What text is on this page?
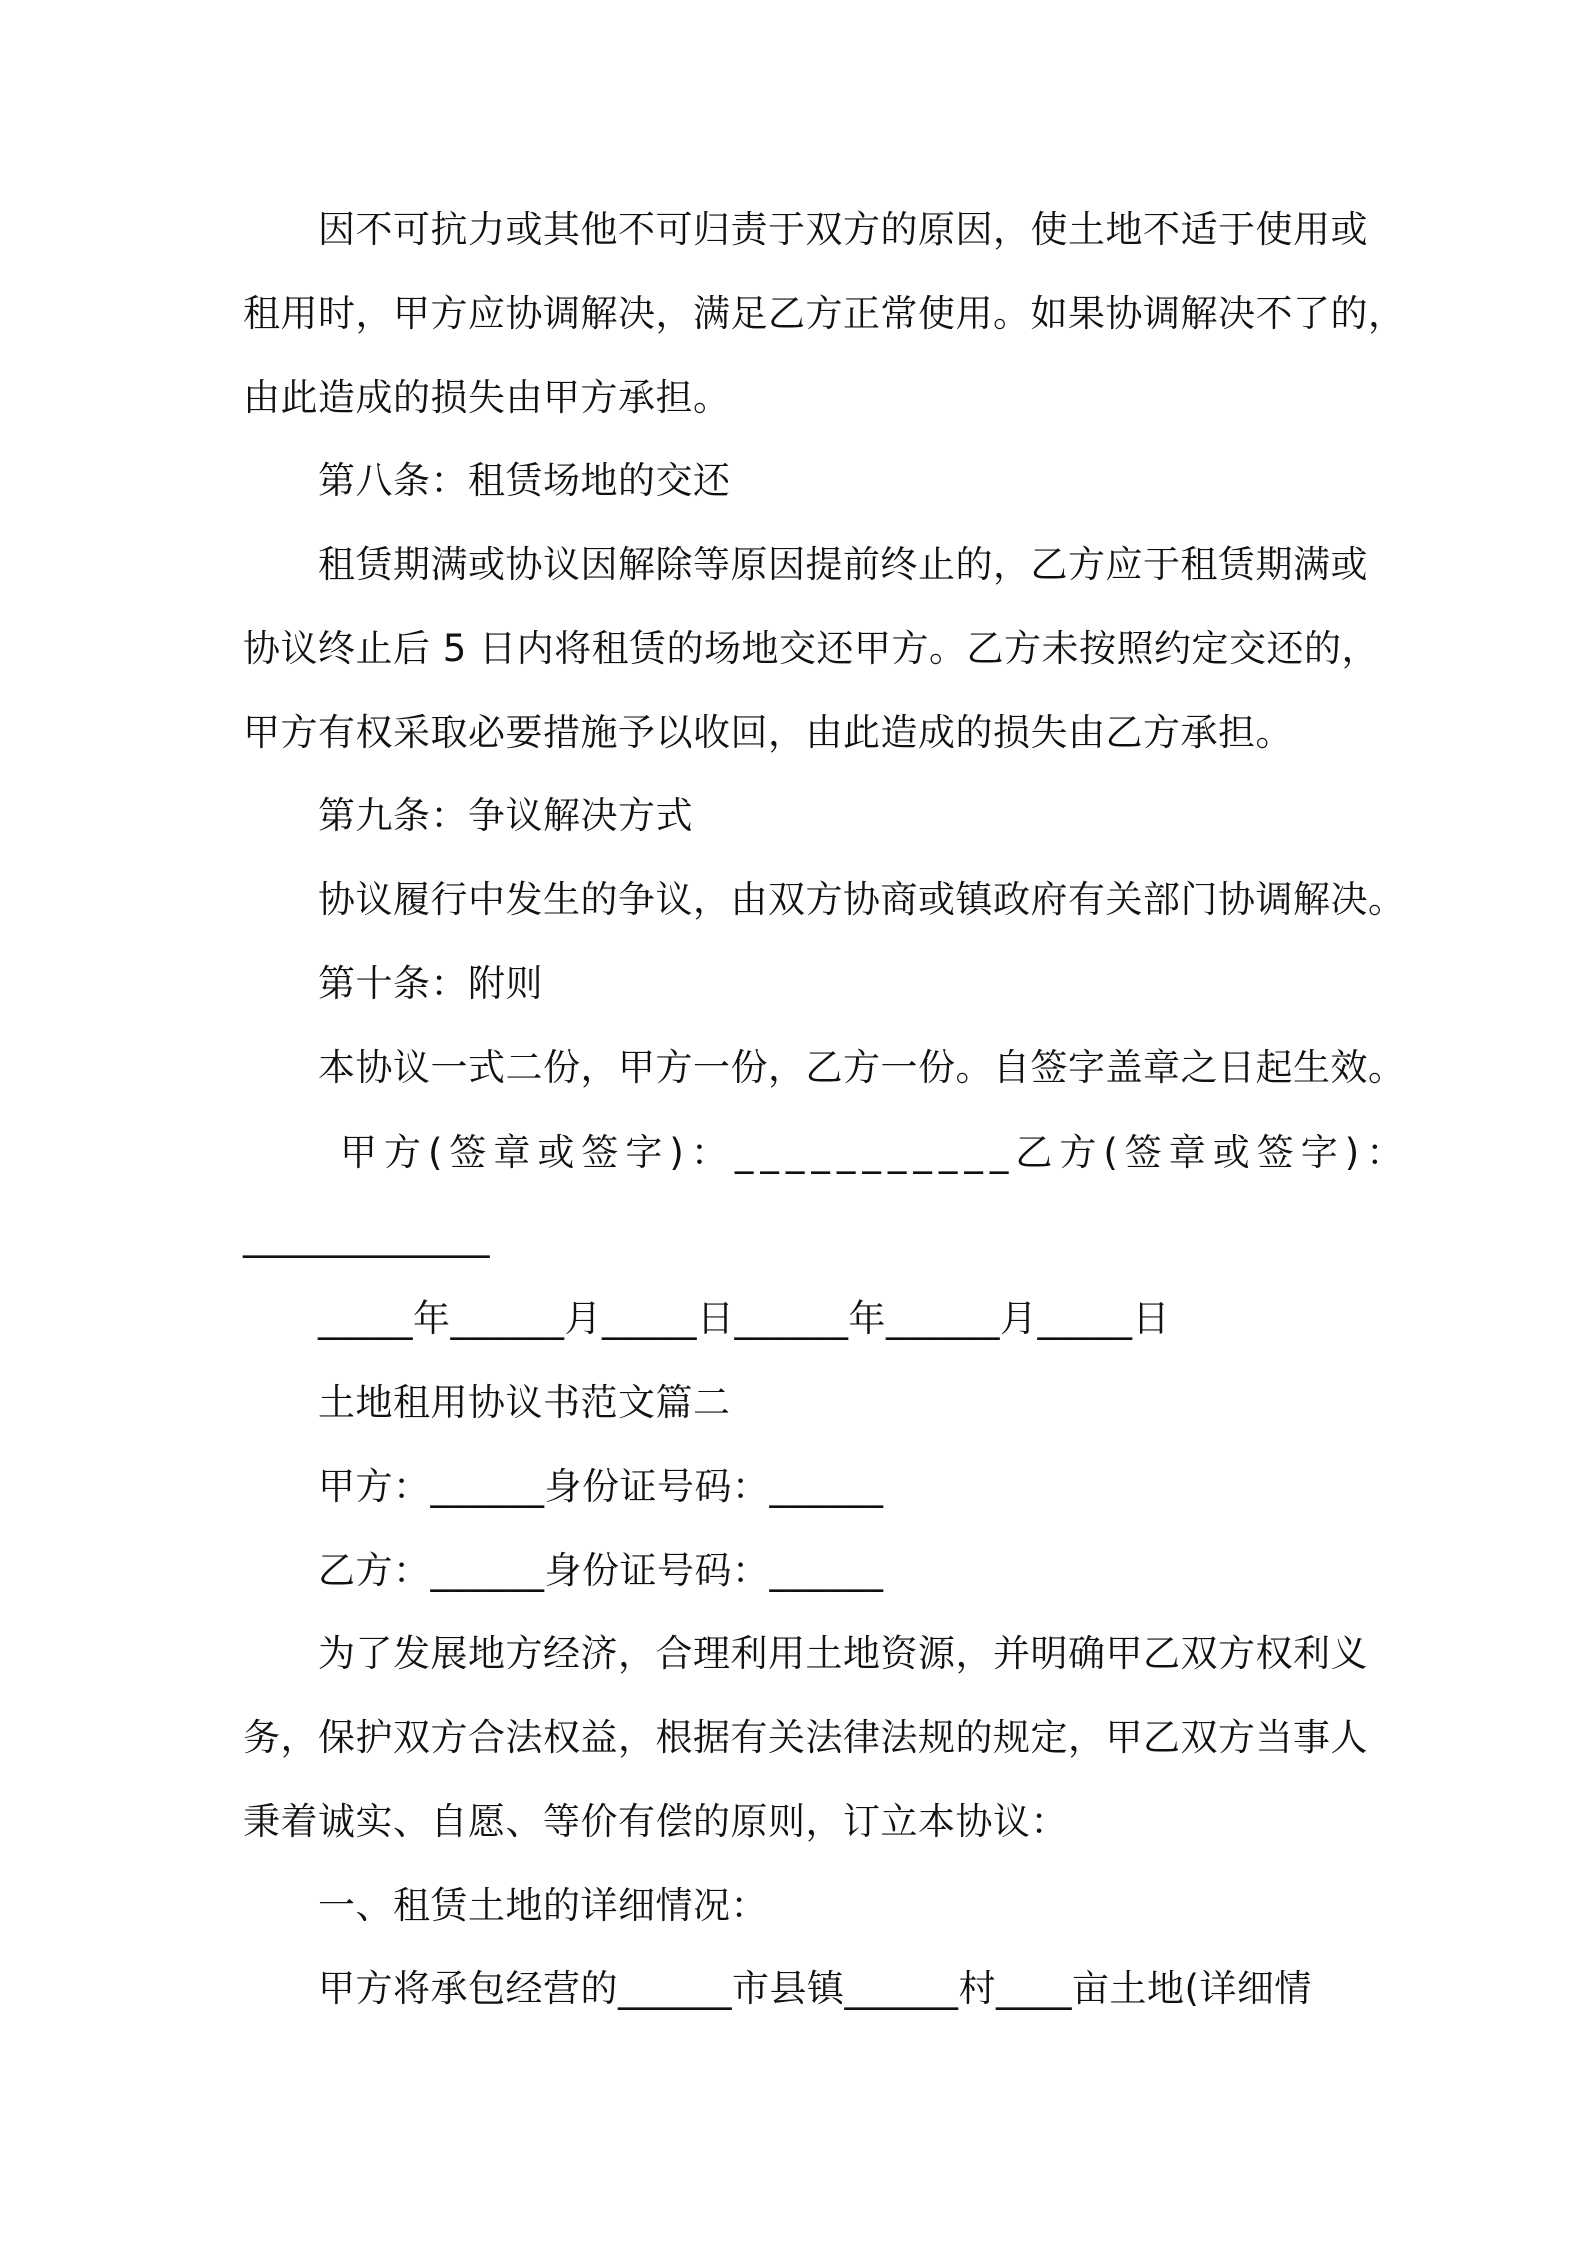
因不可抗力或其他不可归责于双方的原因，使土地不适于使用或
租用时，甲方应协调解决，满足乙方正常使用。如果协调解决不了的，
由此造成的损失由甲方承担。
第八条：租赁场地的交还
租赁期满或协议因解除等原因提前终止的，乙方应于租赁期满或
协议终止后 5 日内将租赁的场地交还甲方。乙方未按照约定交还的，
甲方有权采取必要措施予以收回，由此造成的损失由乙方承担。
第九条：争议解决方式
协议履行中发生的争议，由双方协商或镇政府有关部门协调解决。
第十条：附则
本协议一式二份，甲方一份，乙方一份。自签字盖章之日起生效。
甲方(签章或签字)：___________乙方(签章或签字)：
_____________
_____年______月_____日______年______月_____日
土地租用协议书范文篇二
甲方：______身份证号码：______
乙方：______身份证号码：______
为了发展地方经济，合理利用土地资源，并明确甲乙双方权利义
务，保护双方合法权益，根据有关法律法规的规定，甲乙双方当事人
秉着诚实、自愿、等价有偿的原则，订立本协议：
一、租赁土地的详细情况：
甲方将承包经营的______市县镇______村____亩土地(详细情
